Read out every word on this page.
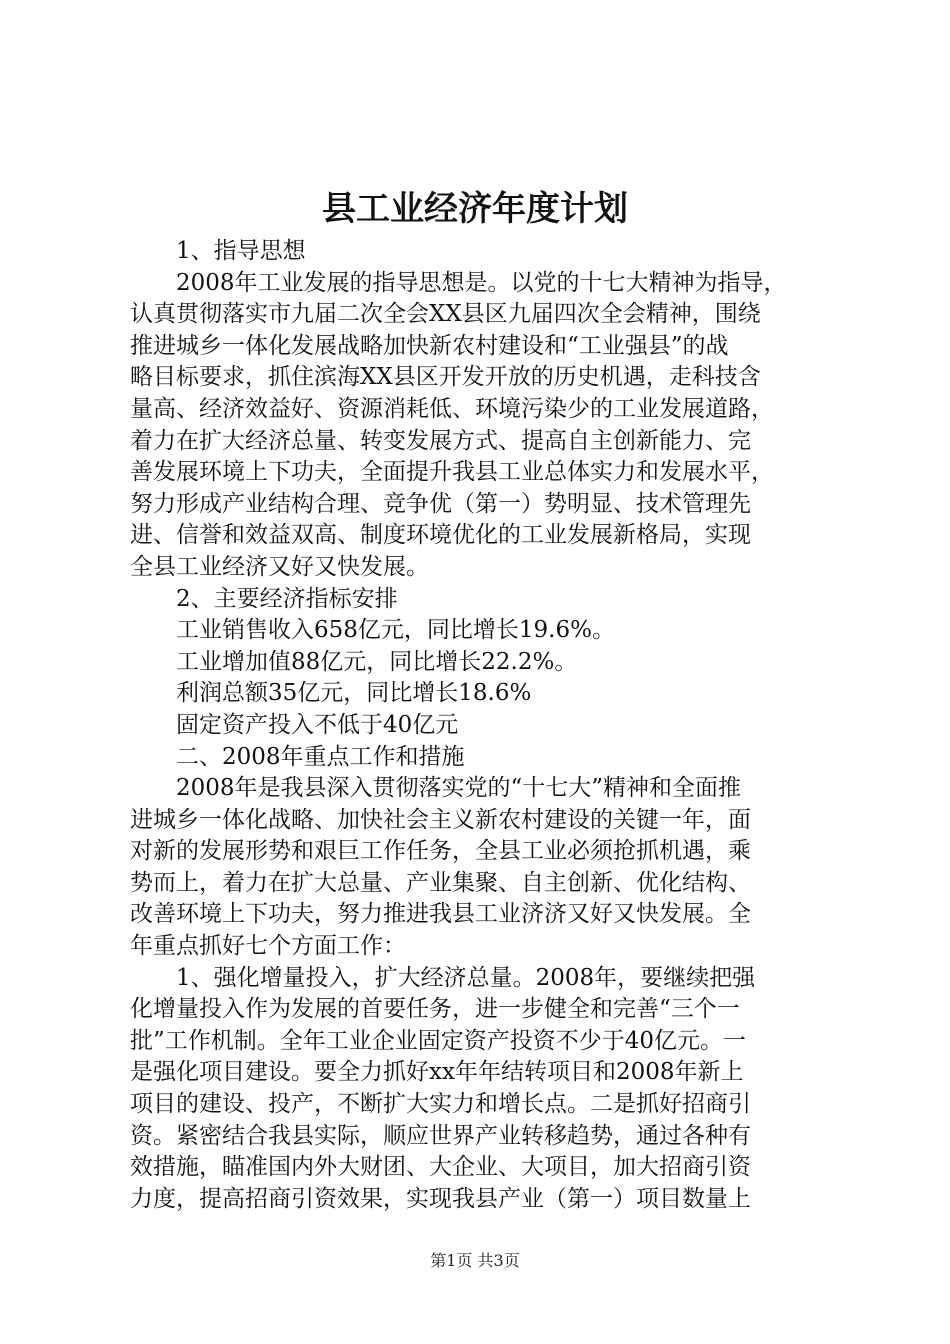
县工业经济年度计划

1、指导思想

2008年工业发展的指导思想是。以党的十七大精神为指导，

认真贯彻落实市九届二次全会XX县区九届四次全会精神，围绕
推进城乡一体化发展战略加快新农村建设和“工业强县”的战
略目标要求，抓住滨海XX县区开发开放的历史机遇，走科技含
量高、经济效益好、资源消耗低、环境污染少的工业发展道路，
着力在扩大经济总量、转变发展方式、提高自主创新能力、完
善发展环境上下功夫，全面提升我县工业总体实力和发展水平，
努力形成产业结构合理、竞争优（第一）势明显、技术管理先
进、信誉和效益双高、制度环境优化的工业发展新格局，实现
全县工业经济又好又快发展。

2、主要经济指标安排

工业销售收入658亿元，同比增长19.6%。

工业增加值88亿元，同比增长22.2%。

利润总额35亿元，同比增长18.6%

固定资产投入不低于40亿元

二、2008年重点工作和措施

2008年是我县深入贯彻落实党的“十七大”精神和全面推

进城乡一体化战略、加快社会主义新农村建设的关键一年，面
对新的发展形势和艰巨工作任务，全县工业必须抢抓机遇，乘
势而上，着力在扩大总量、产业集聚、自主创新、优化结构、
改善环境上下功夫，努力推进我县工业济济又好又快发展。全
年重点抓好七个方面工作：

1、强化增量投入，扩大经济总量。2008年，要继续把强

化增量投入作为发展的首要任务，进一步健全和完善“三个一
批”工作机制。全年工业企业固定资产投资不少于40亿元。一
是强化项目建设。要全力抓好xx年年结转项目和2008年新上
项目的建设、投产，不断扩大实力和增长点。二是抓好招商引
资。紧密结合我县实际，顺应世界产业转移趋势，通过各种有
效措施，瞄准国内外大财团、大企业、大项目，加大招商引资
力度，提高招商引资效果，实现我县产业（第一）项目数量上

第1页 共3页
